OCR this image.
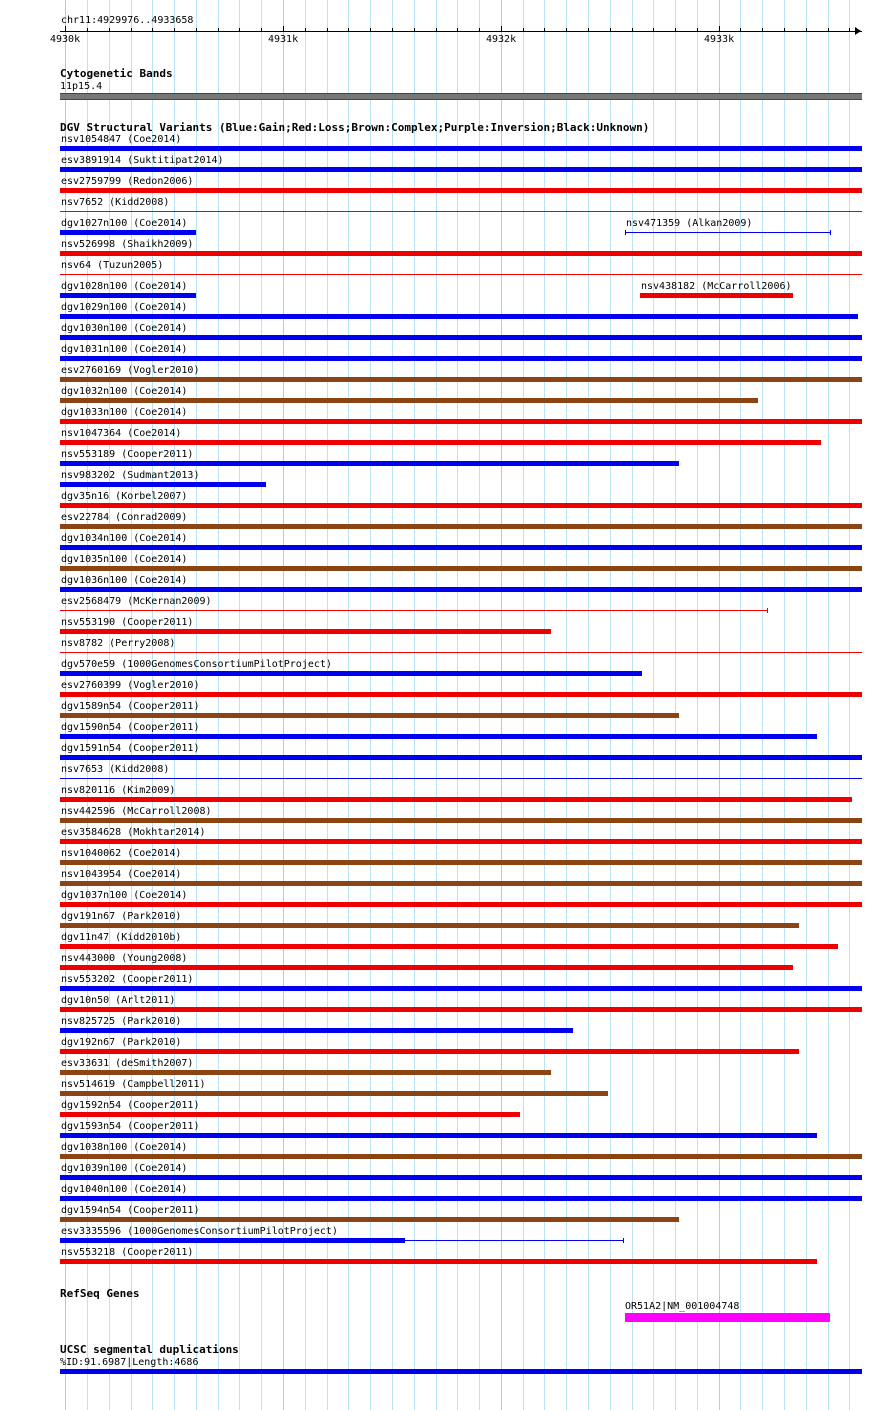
chr11:4929976..4933658
4930k	4931k	4932k	4933k
Cytogenetic Bands
11p15.4
DGV Structural Variants (Blue:Gain;Red:Loss;Brown:Complex;Purple:Inversion;Black:Unknown)
nsv1054847 (Coe2014)
esv3891914 (Suktitipat2014)
esv2759799 (Redon2006)
nsv7652 (Kidd2008)
dgv1027n100 (Coe2014)	nsv471359 (Alkan2009)
nsv526998 (Shaikh2009)
nsv64 (Tuzun2005)
dgv1028n100 (Coe2014)	nsv438182 (McCarroll2006)
dgv1029n100 (Coe2014)
dgv1030n100 (Coe2014)
dgv1031n100 (Coe2014)
esv2760169 (Vogler2010)
dgv1032n100 (Coe2014)
dgv1033n100 (Coe2014)
nsv1047364 (Coe2014)
nsv553189 (Cooper2011)
nsv983202 (Sudmant2013)
dgv35n16 (Korbel2007)
esv22784 (Conrad2009)
dgv1034n100 (Coe2014)
dgv1035n100 (Coe2014)
dgv1036n100 (Coe2014)
esv2568479 (McKernan2009)
nsv553190 (Cooper2011)
nsv8782 (Perry2008)
dgv570e59 (1000GenomesConsortiumPilotProject)
esv2760399 (Vogler2010)
dgv1589n54 (Cooper2011)
dgv1590n54 (Cooper2011)
dgv1591n54 (Cooper2011)
nsv7653 (Kidd2008)
nsv820116 (Kim2009)
nsv442596 (McCarroll2008)
esv3584628 (Mokhtar2014)
nsv1040062 (Coe2014)
nsv1043954 (Coe2014)
dgv1037n100 (Coe2014)
dgv191n67 (Park2010)
dgv11n47 (Kidd2010b)
nsv443000 (Young2008)
nsv553202 (Cooper2011)
dgv10n50 (Arlt2011)
nsv825725 (Park2010)
dgv192n67 (Park2010)
esv33631 (deSmith2007)
nsv514619 (Campbell2011)
dgv1592n54 (Cooper2011)
dgv1593n54 (Cooper2011)
dgv1038n100 (Coe2014)
dgv1039n100 (Coe2014)
dgv1040n100 (Coe2014)
dgv1594n54 (Cooper2011)
esv3335596 (1000GenomesConsortiumPilotProject)
nsv553218 (Cooper2011)
OR51A2|NM_001004748
%ID:91.6987|Length:4686
RefSeq Genes
UCSC segmental duplications
